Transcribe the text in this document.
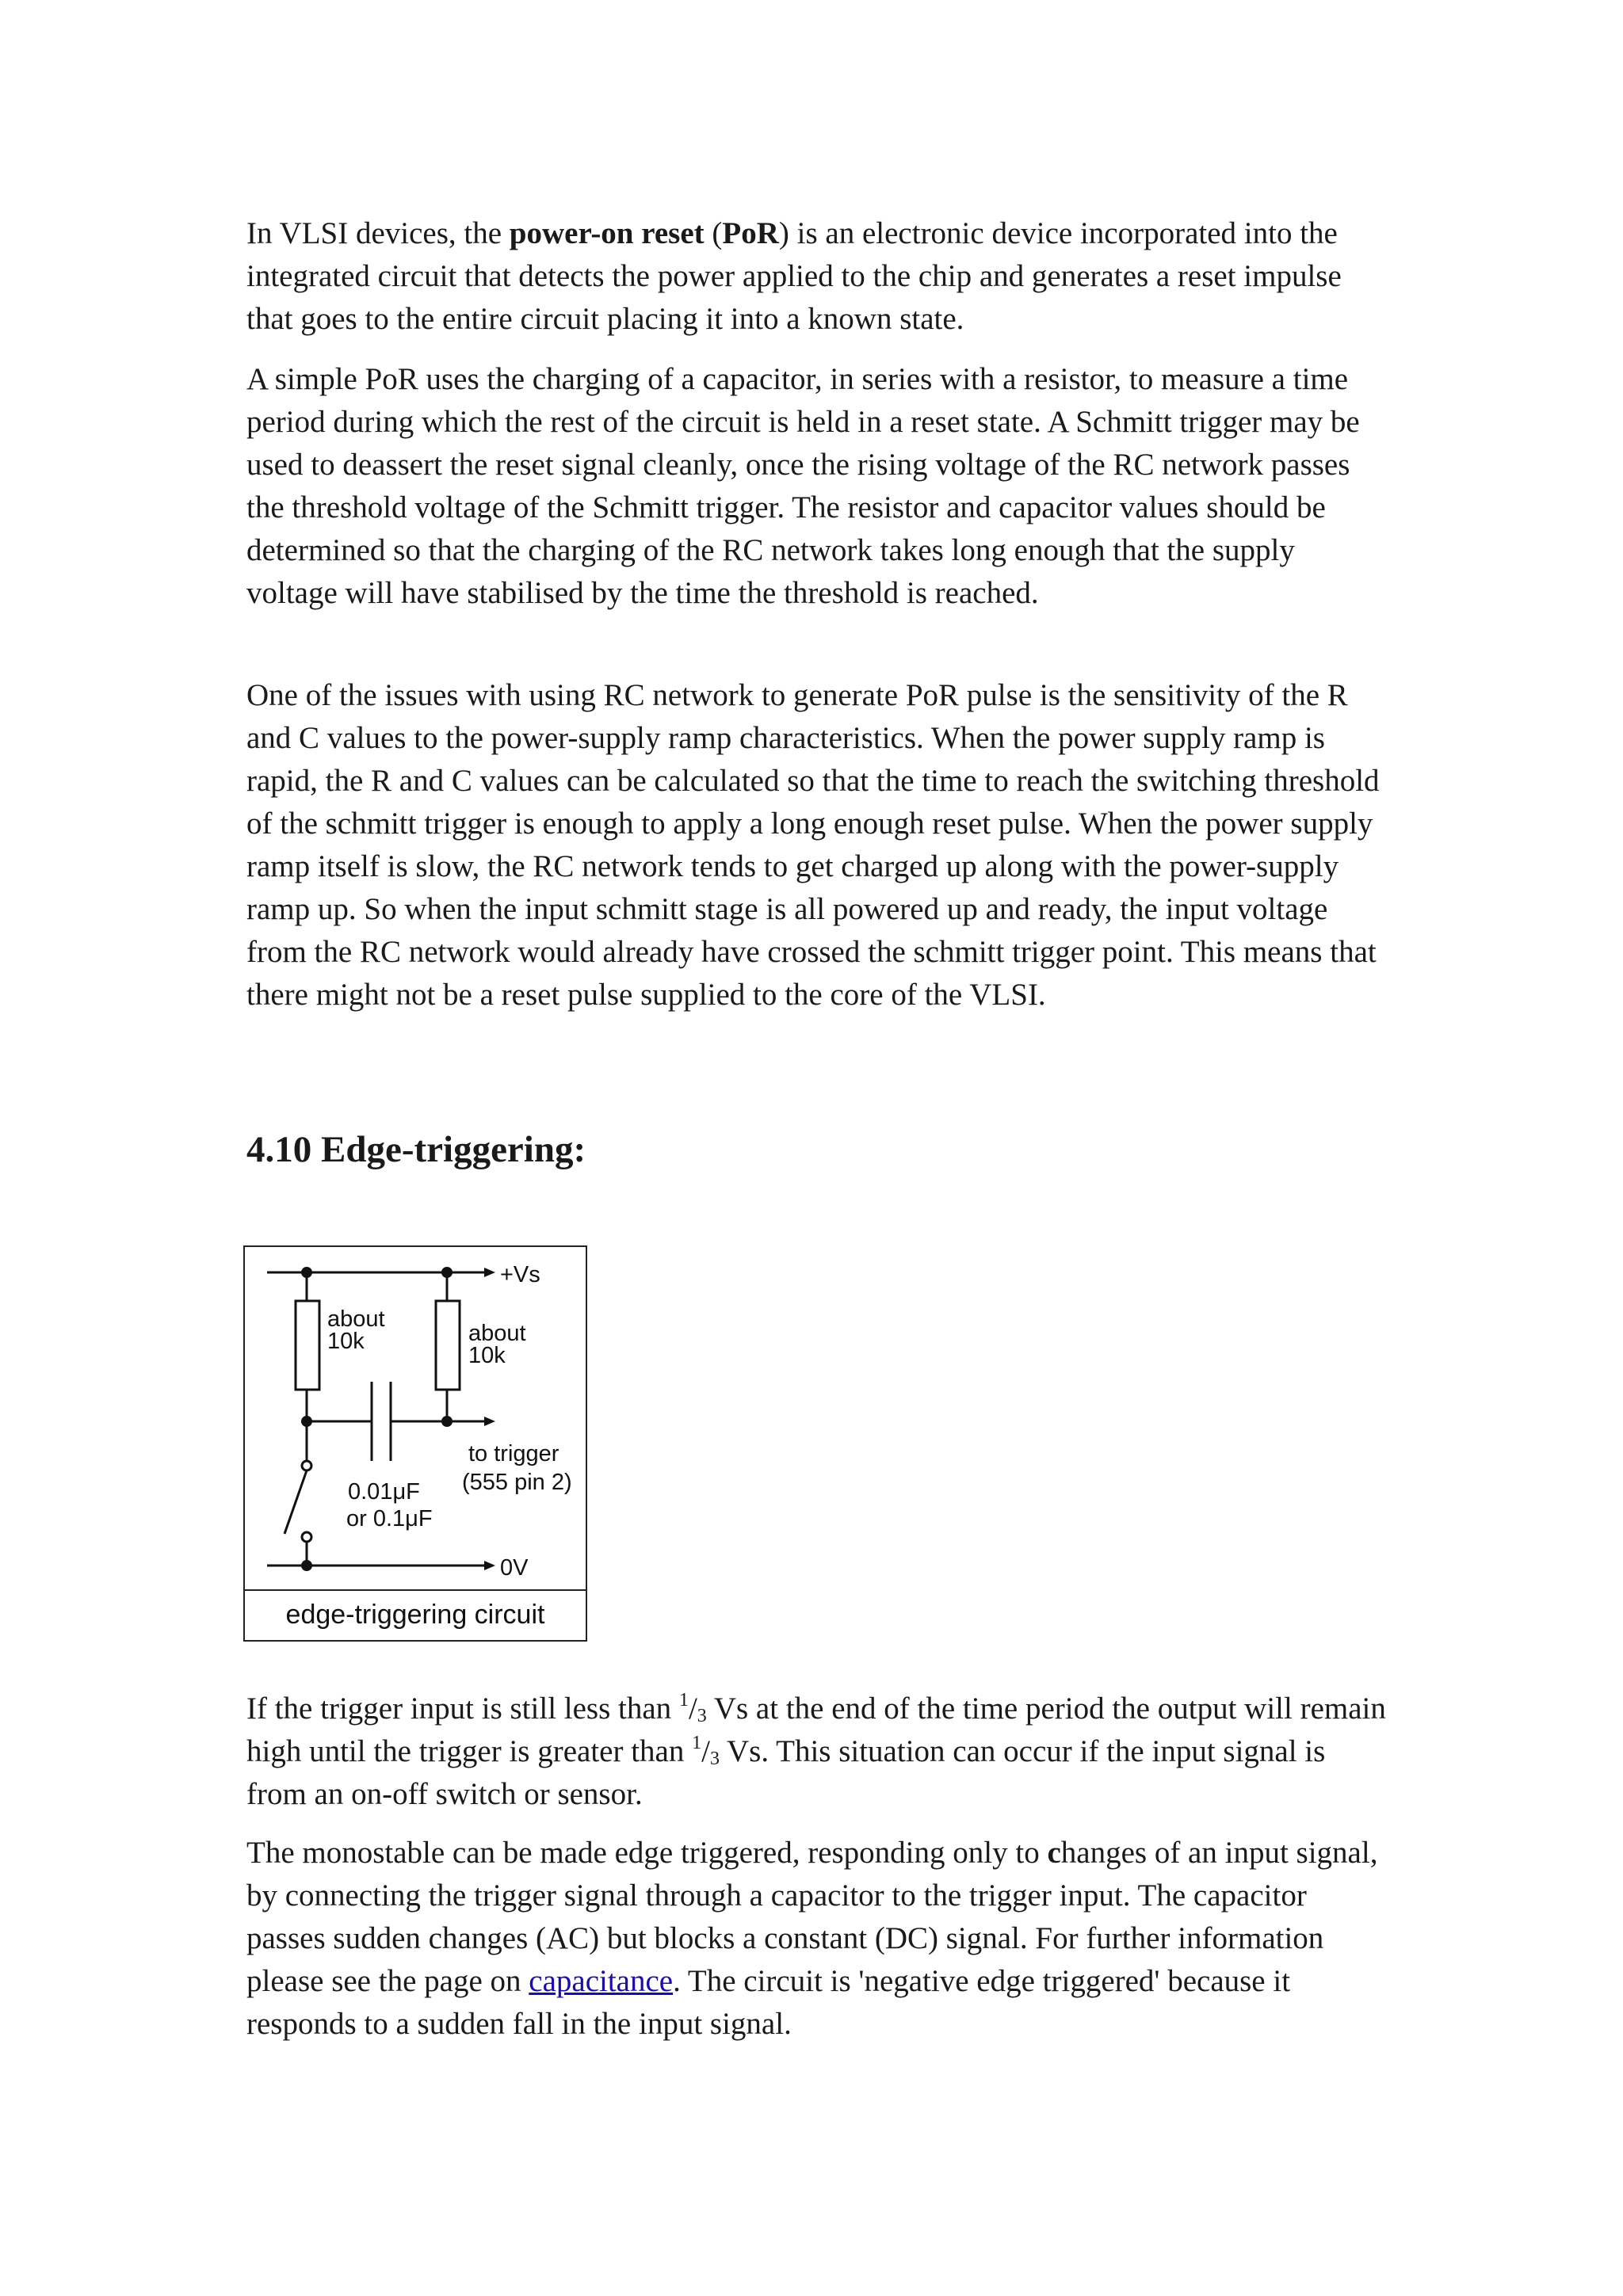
In VLSI devices, the power-on reset (PoR) is an electronic device incorporated into the integrated circuit that detects the power applied to the chip and generates a reset impulse that goes to the entire circuit placing it into a known state.

A simple PoR uses the charging of a capacitor, in series with a resistor, to measure a time period during which the rest of the circuit is held in a reset state. A Schmitt trigger may be used to deassert the reset signal cleanly, once the rising voltage of the RC network passes the threshold voltage of the Schmitt trigger. The resistor and capacitor values should be determined so that the charging of the RC network takes long enough that the supply voltage will have stabilised by the time the threshold is reached.

One of the issues with using RC network to generate PoR pulse is the sensitivity of the R and C values to the power-supply ramp characteristics. When the power supply ramp is rapid, the R and C values can be calculated so that the time to reach the switching threshold of the schmitt trigger is enough to apply a long enough reset pulse. When the power supply ramp itself is slow, the RC network tends to get charged up along with the power-supply ramp up. So when the input schmitt stage is all powered up and ready, the input voltage from the RC network would already have crossed the schmitt trigger point. This means that there might not be a reset pulse supplied to the core of the VLSI.

4.10 Edge-triggering:
+Vs
about
10k	about
10k
to trigger
(555 pin 2)
0.01μF
or 0.1μF
0V
edge-triggering circuit

If the trigger input is still less than $^1/_3$ Vs at the end of the time period the output will remain high until the trigger is greater than $^1/_3$ Vs. This situation can occur if the input signal is from an on-off switch or sensor.

The monostable can be made edge triggered, responding only to changes of an input signal, by connecting the trigger signal through a capacitor to the trigger input. The capacitor passes sudden changes (AC) but blocks a constant (DC) signal. For further information please see the page on capacitance. The circuit is 'negative edge triggered' because it responds to a sudden fall in the input signal.
